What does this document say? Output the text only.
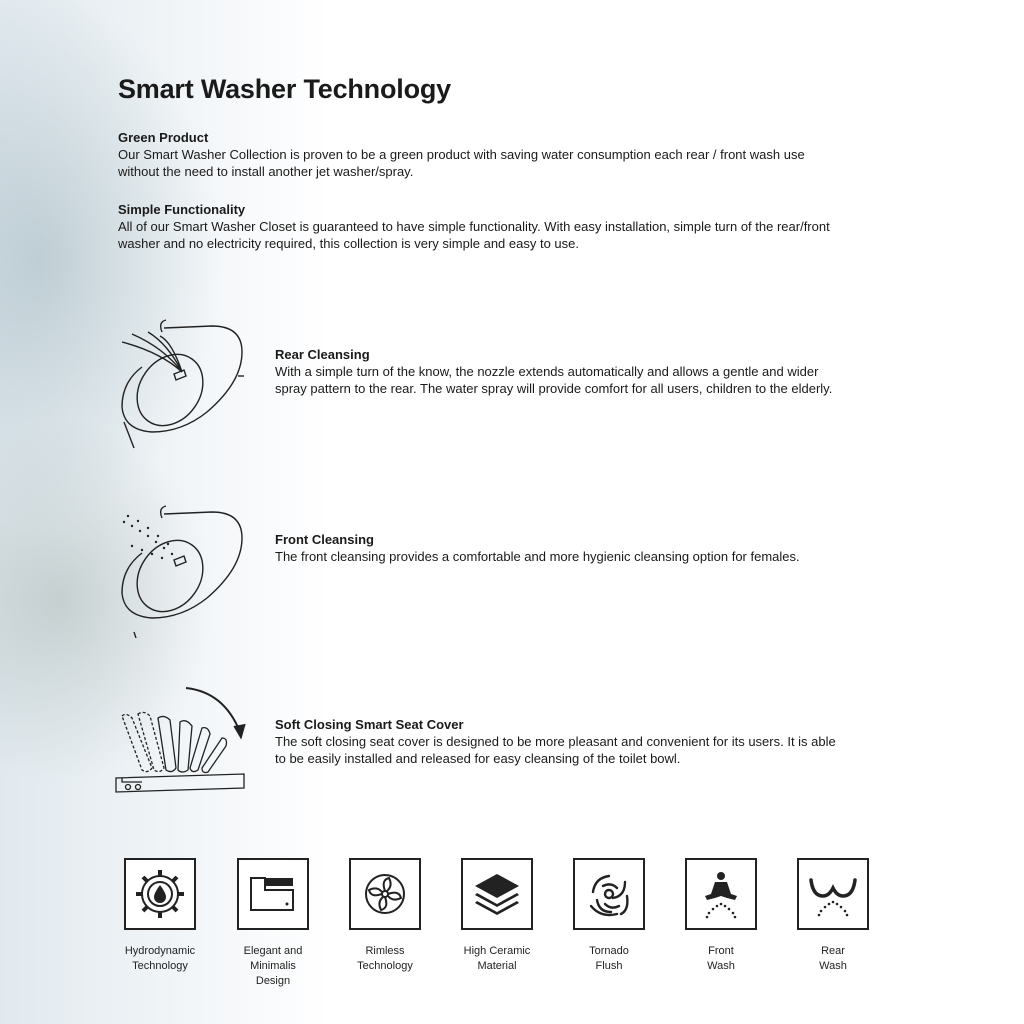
Smart Washer Technology
Green Product

Our Smart Washer Collection is proven to be a green product with saving water consumption each rear / front wash use without the need to install another jet washer/spray.

Simple Functionality

All of our Smart Washer Closet is guaranteed to have simple functionality. With easy installation, simple turn of the rear/front washer and no electricity required, this collection is very simple and easy to use.

Rear Cleansing

With a simple turn of the know, the nozzle extends automatically and allows a gentle and wider spray pattern to the rear. The water spray will provide comfort for all users, children to the elderly.

Front Cleansing

The front cleansing provides a comfortable and more hygienic cleansing option for females.

Soft Closing Smart Seat Cover

The soft closing seat cover is designed to be more pleasant and convenient for its users. It is able to be easily installed and released for easy cleansing of the toilet bowl.

Hydrodynamic
Technology
Elegant and
Minimalis
Design
Rimless
Technology
High Ceramic
Material
Tornado
Flush
Front
Wash
Rear
Wash
